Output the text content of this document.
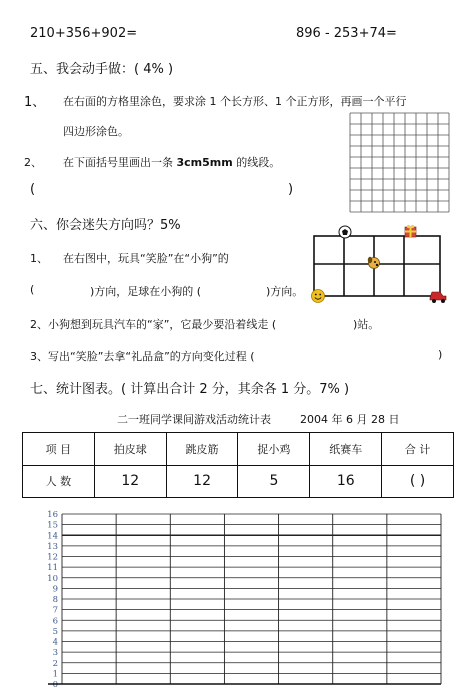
210+356+902=	896 - 253+74=
五、我会动手做：( 4% )
1、 在右面的方格里涂色，要求涂 1 个长方形、1 个正方形，再画一个平行
四边形涂色。
2、 在下面括号里画出一条 3cm5mm 的线段。
(	)
六、你会迷失方向吗？5%
1、 在右图中，玩具“笑脸”在“小狗”的
(	)方向，足球在小狗的 (	)方向。
2、小狗想到玩具汽车的“家”，它最少要沿着线走 (	)站。
3、写出“笑脸”去拿“礼品盒”的方向变化过程 (	)
七、统计图表。( 计算出合计 2 分，其余各 1 分。7% )
二一班同学课间游戏活动统计表	2004 年 6 月 28 日
项 目	拍皮球	跳皮筋	捉小鸡	纸赛车	合 计
人 数	12	12	5	16	( )
16
15
14
13
12
11
10
9
8
7
6
5
4
3
2
1
0
